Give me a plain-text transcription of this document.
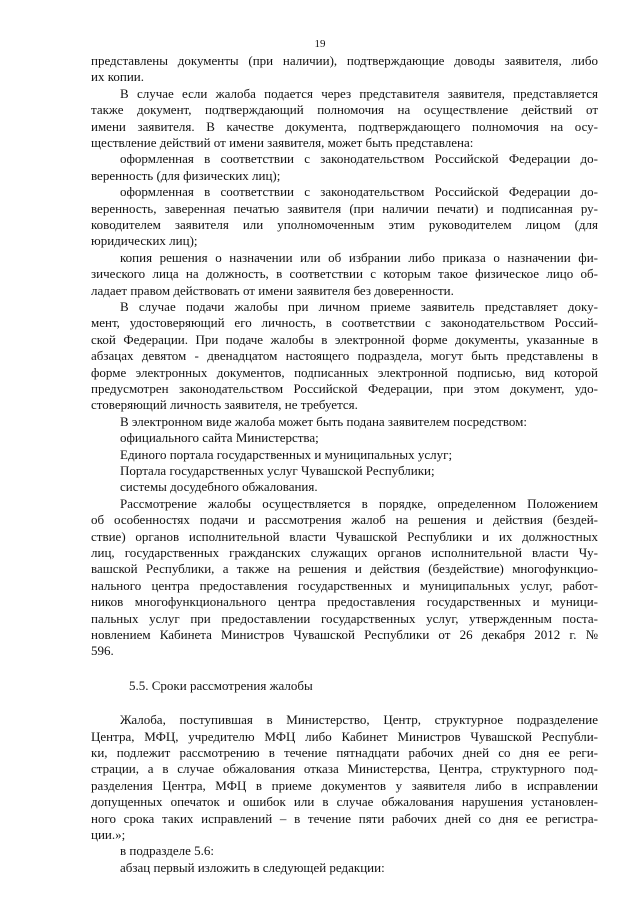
19
представлены документы (при наличии), подтверждающие доводы заявителя, либо
их копии.
В случае если жалоба подается через представителя заявителя, представляется
также документ, подтверждающий полномочия на осуществление действий от
имени заявителя. В качестве документа, подтверждающего полномочия на осу-
ществление действий от имени заявителя, может быть представлена:
оформленная в соответствии с законодательством Российской Федерации до-
веренность (для физических лиц);
оформленная в соответствии с законодательством Российской Федерации до-
веренность, заверенная печатью заявителя (при наличии печати) и подписанная ру-
ководителем заявителя или уполномоченным этим руководителем лицом (для
юридических лиц);
копия решения о назначении или об избрании либо приказа о назначении фи-
зического лица на должность, в соответствии с которым такое физическое лицо об-
ладает правом действовать от имени заявителя без доверенности.
В случае подачи жалобы при личном приеме заявитель представляет доку-
мент, удостоверяющий его личность, в соответствии с законодательством Россий-
ской Федерации. При подаче жалобы в электронной форме документы, указанные в
абзацах девятом - двенадцатом настоящего подраздела, могут быть представлены в
форме электронных документов, подписанных электронной подписью, вид которой
предусмотрен законодательством Российской Федерации, при этом документ, удо-
стоверяющий личность заявителя, не требуется.
В электронном виде жалоба может быть подана заявителем посредством:
официального сайта Министерства;
Единого портала государственных и муниципальных услуг;
Портала государственных услуг Чувашской Республики;
системы досудебного обжалования.
Рассмотрение жалобы осуществляется в порядке, определенном Положением
об особенностях подачи и рассмотрения жалоб на решения и действия (бездей-
ствие) органов исполнительной власти Чувашской Республики и их должностных
лиц, государственных гражданских служащих органов исполнительной власти Чу-
вашской Республики, а также на решения и действия (бездействие) многофункцио-
нального центра предоставления государственных и муниципальных услуг, работ-
ников многофункционального центра предоставления государственных и муници-
пальных услуг при предоставлении государственных услуг, утвержденным поста-
новлением Кабинета Министров Чувашской Республики от 26 декабря 2012 г. №
596.
5.5. Сроки рассмотрения жалобы
Жалоба, поступившая в Министерство, Центр, структурное подразделение
Центра, МФЦ, учредителю МФЦ либо Кабинет Министров Чувашской Республи-
ки, подлежит рассмотрению в течение пятнадцати рабочих дней со дня ее реги-
страции, а в случае обжалования отказа Министерства, Центра, структурного под-
разделения Центра, МФЦ в приеме документов у заявителя либо в исправлении
допущенных опечаток и ошибок или в случае обжалования нарушения установлен-
ного срока таких исправлений – в течение пяти рабочих дней со дня ее регистра-
ции.»;
в подразделе 5.6:
абзац первый изложить в следующей редакции:
